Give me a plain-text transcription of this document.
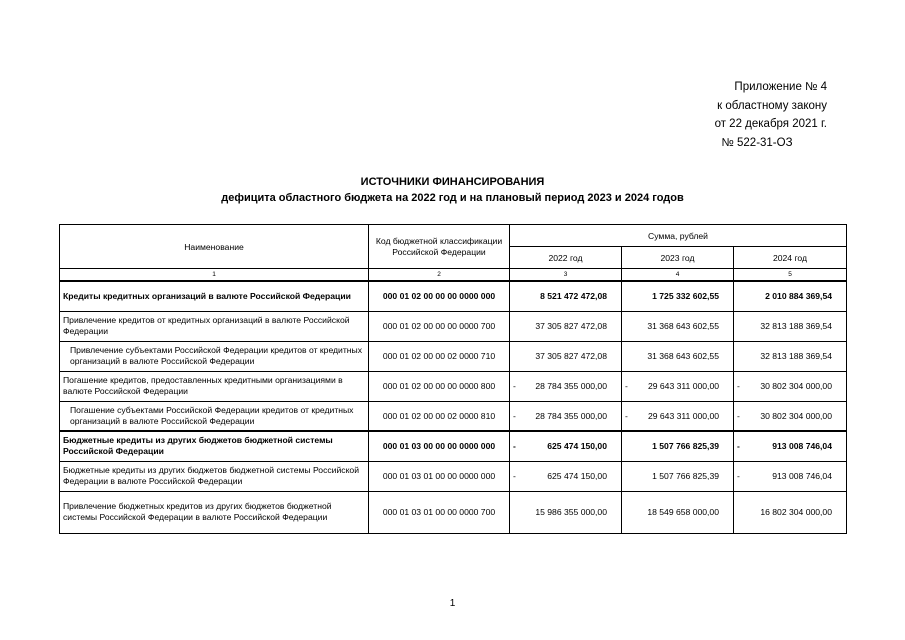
Приложение № 4
к областному закону
от 22 декабря 2021 г.
№ 522-31-ОЗ
ИСТОЧНИКИ ФИНАНСИРОВАНИЯ
дефицита областного бюджета на 2022 год и на плановый период 2023 и 2024 годов
Наименование	Код бюджетной классификации Российской Федерации	Сумма, рублей		
		2022 год	2023 год	2024 год
1	2	3	4	5
Кредиты кредитных организаций в валюте Российской Федерации	000 01 02 00 00 00 0000 000	8 521 472 472,08	1 725 332 602,55	2 010 884 369,54
Привлечение кредитов от кредитных организаций в валюте Российской Федерации	000 01 02 00 00 00 0000 700	37 305 827 472,08	31 368 643 602,55	32 813 188 369,54
Привлечение субъектами Российской Федерации кредитов от кредитных организаций в валюте Российской Федерации	000 01 02 00 00 02 0000 710	37 305 827 472,08	31 368 643 602,55	32 813 188 369,54
Погашение кредитов, предоставленных кредитными организациями в валюте Российской Федерации	000 01 02 00 00 00 0000 800	- 28 784 355 000,00	- 29 643 311 000,00	- 30 802 304 000,00
Погашение субъектами Российской Федерации кредитов от кредитных организаций в валюте Российской Федерации	000 01 02 00 00 02 0000 810	- 28 784 355 000,00	- 29 643 311 000,00	- 30 802 304 000,00
Бюджетные кредиты из других бюджетов бюджетной системы Российской Федерации	000 01 03 00 00 00 0000 000	- 625 474 150,00	1 507 766 825,39	- 913 008 746,04
Бюджетные кредиты из других бюджетов бюджетной системы Российской Федерации в валюте Российской Федерации	000 01 03 01 00 00 0000 000	- 625 474 150,00	1 507 766 825,39	- 913 008 746,04
Привлечение бюджетных кредитов из других бюджетов бюджетной системы Российской Федерации в валюте Российской Федерации	000 01 03 01 00 00 0000 700	15 986 355 000,00	18 549 658 000,00	16 802 304 000,00
1
